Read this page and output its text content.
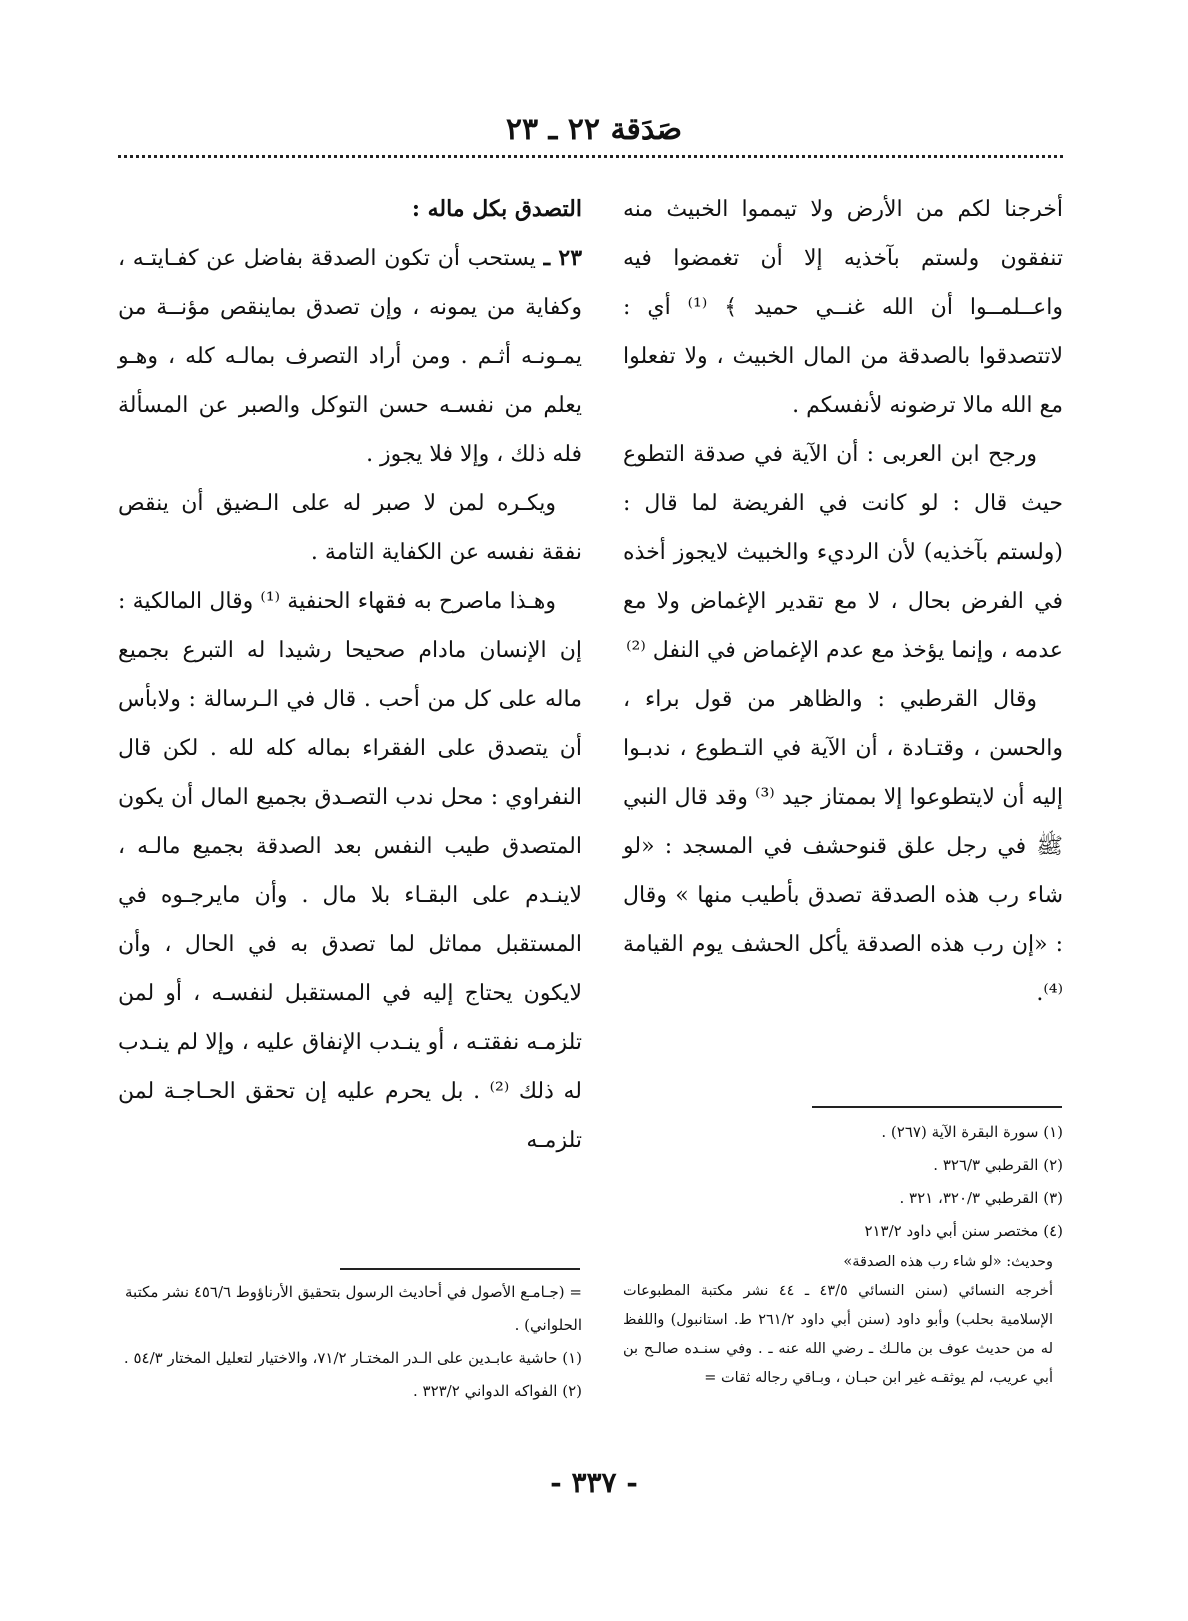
صَدَقة ٢٢ ـ ٢٣

أخرجنا لكم من الأرض ولا تيمموا الخبيث منه تنفقون ولستم بآخذيه إلا أن تغمضوا فيه واعــلمــوا أن الله غنــي حميد ﴾ ⁽¹⁾ أي : لاتتصدقوا بالصدقة من المال الخبيث ، ولا تفعلوا مع الله مالا ترضونه لأنفسكم .

ورجح ابن العربى : أن الآية في صدقة التطوع حيث قال : لو كانت في الفريضة لما قال : (ولستم بآخذيه) لأن الرديء والخبيث لايجوز أخذه في الفرض بحال ، لا مع تقدير الإغماض ولا مع عدمه ، وإنما يؤخذ مع عدم الإغماض في النفل ⁽²⁾

وقال القرطبي : والظاهر من قول براء ، والحسن ، وقتـادة ، أن الآية في التـطوع ، ندبـوا إليه أن لايتطوعوا إلا بممتاز جيد ⁽³⁾ وقد قال النبي ﷺ في رجل علق قنوحشف في المسجد : «لو شاء رب هذه الصدقة تصدق بأطيب منها » وقال : «إن رب هذه الصدقة يأكل الحشف يوم القيامة ⁽⁴⁾.

التصدق بكل ماله :

٢٣ ـ يستحب أن تكون الصدقة بفاضل عن كفـايتـه ، وكفاية من يمونه ، وإن تصدق بماينقص مؤنــة من يمـونـه أثـم . ومن أراد التصرف بمالـه كله ، وهـو يعلم من نفسـه حسن التوكل والصبر عن المسألة فله ذلك ، وإلا فلا يجوز .

ويكـره لمن لا صبر له على الـضيق أن ينقص نفقة نفسه عن الكفاية التامة .

وهـذا ماصرح به فقهاء الحنفية ⁽¹⁾ وقال المالكية : إن الإنسان مادام صحيحا رشيدا له التبرع بجميع ماله على كل من أحب . قال في الـرسالة : ولابأس أن يتصدق على الفقراء بماله كله لله . لكن قال النفراوي : محل ندب التصـدق بجميع المال أن يكون المتصدق طيب النفس بعد الصدقة بجميع مالـه ، لاينـدم على البقـاء بلا مال . وأن مايرجـوه في المستقبل مماثل لما تصدق به في الحال ، وأن لايكون يحتاج إليه في المستقبل لنفسـه ، أو لمن تلزمـه نفقتـه ، أو ينـدب الإنفاق عليه ، وإلا لم ينـدب له ذلك ⁽²⁾ . بل يحرم عليه إن تحقق الحـاجـة لمن تلزمـه	(١) سورة البقرة الآية (٢٦٧) .

(٢) القرطبي ٣٢٦/٣ .

(٣) القرطبي ٣٢٠/٣، ٣٢١ .

(٤) مختصر سنن أبي داود ٢١٣/٢

وحديث: «لو شاء رب هذه الصدقة»

أخرجه النسائي (سنن النسائي ٤٣/٥ ـ ٤٤ نشر مكتبة المطبوعات الإسلامية بحلب) وأبو داود (سنن أبي داود ٢٦١/٢ ط. استانبول) واللفظ له من حديث عوف بن مالـك ـ رضي الله عنه ـ . وفي سنـده صالـح بن أبي عريب، لم يوثقـه غير ابن حبـان ، وبـاقي رجاله ثقات =

= (جـامـع الأصول في أحاديث الرسول بتحقيق الأرناؤوط ٤٥٦/٦ نشر مكتبة الحلواني) .

(١) حاشية عابـدين على الـدر المختـار ٧١/٢، والاختيار لتعليل المختار ٥٤/٣ .

(٢) الفواكه الدواني ٣٢٣/٢ .

- ٣٣٧ -
